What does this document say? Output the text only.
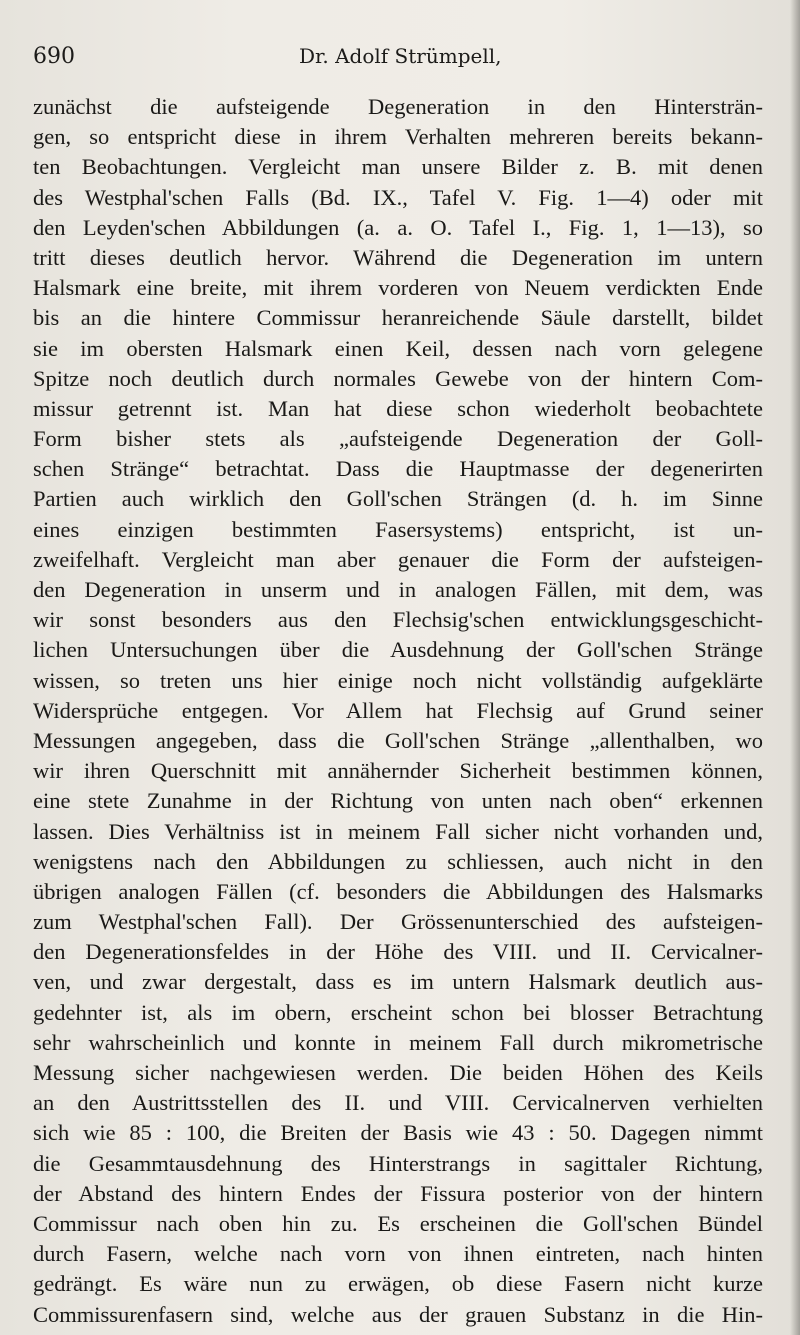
690	Dr. Adolf Strümpell,
zunächst die aufsteigende Degeneration in den Hintersträn-
gen, so entspricht diese in ihrem Verhalten mehreren bereits bekann-
ten Beobachtungen. Vergleicht man unsere Bilder z. B. mit denen
des Westphal'schen Falls (Bd. IX., Tafel V. Fig. 1—4) oder mit
den Leyden'schen Abbildungen (a. a. O. Tafel I., Fig. 1, 1—13), so
tritt dieses deutlich hervor. Während die Degeneration im untern
Halsmark eine breite, mit ihrem vorderen von Neuem verdickten Ende
bis an die hintere Commissur heranreichende Säule darstellt, bildet
sie im obersten Halsmark einen Keil, dessen nach vorn gelegene
Spitze noch deutlich durch normales Gewebe von der hintern Com-
missur getrennt ist. Man hat diese schon wiederholt beobachtete
Form bisher stets als „aufsteigende Degeneration der Goll-
schen Stränge“ betrachtat. Dass die Hauptmasse der degenerirten
Partien auch wirklich den Goll'schen Strängen (d. h. im Sinne
eines einzigen bestimmten Fasersystems) entspricht, ist un-
zweifelhaft. Vergleicht man aber genauer die Form der aufsteigen-
den Degeneration in unserm und in analogen Fällen, mit dem, was
wir sonst besonders aus den Flechsig'schen entwicklungsgeschicht-
lichen Untersuchungen über die Ausdehnung der Goll'schen Stränge
wissen, so treten uns hier einige noch nicht vollständig aufgeklärte
Widersprüche entgegen. Vor Allem hat Flechsig auf Grund seiner
Messungen angegeben, dass die Goll'schen Stränge „allenthalben, wo
wir ihren Querschnitt mit annähernder Sicherheit bestimmen können,
eine stete Zunahme in der Richtung von unten nach oben“ erkennen
lassen. Dies Verhältniss ist in meinem Fall sicher nicht vorhanden und,
wenigstens nach den Abbildungen zu schliessen, auch nicht in den
übrigen analogen Fällen (cf. besonders die Abbildungen des Halsmarks
zum Westphal'schen Fall). Der Grössenunterschied des aufsteigen-
den Degenerationsfeldes in der Höhe des VIII. und II. Cervicalner-
ven, und zwar dergestalt, dass es im untern Halsmark deutlich aus-
gedehnter ist, als im obern, erscheint schon bei blosser Betrachtung
sehr wahrscheinlich und konnte in meinem Fall durch mikrometrische
Messung sicher nachgewiesen werden. Die beiden Höhen des Keils
an den Austrittsstellen des II. und VIII. Cervicalnerven verhielten
sich wie 85 : 100, die Breiten der Basis wie 43 : 50. Dagegen nimmt
die Gesammtausdehnung des Hinterstrangs in sagittaler Richtung,
der Abstand des hintern Endes der Fissura posterior von der hintern
Commissur nach oben hin zu. Es erscheinen die Goll'schen Bündel
durch Fasern, welche nach vorn von ihnen eintreten, nach hinten
gedrängt. Es wäre nun zu erwägen, ob diese Fasern nicht kurze
Commissurenfasern sind, welche aus der grauen Substanz in die Hin-
